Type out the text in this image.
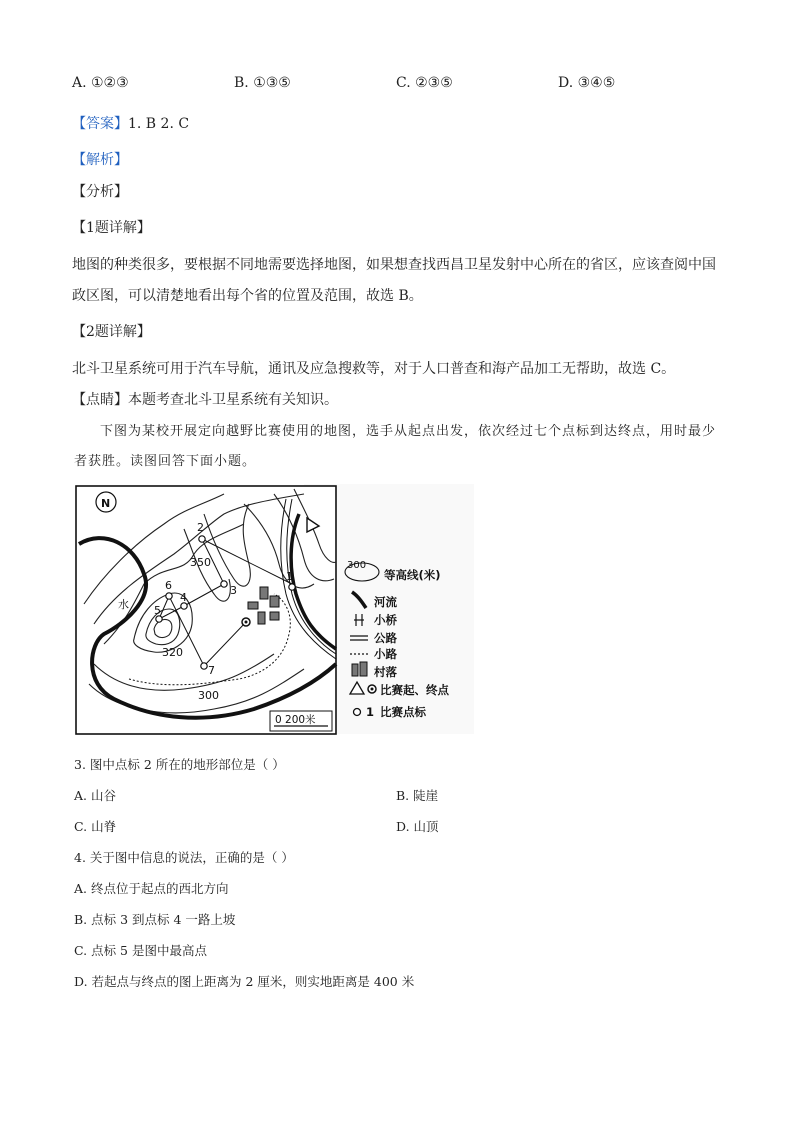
A. ①②③	B. ①③⑤	C. ②③⑤	D. ③④⑤
【答案】1. B 2. C
【解析】
【分析】
【1题详解】
地图的种类很多，要根据不同地需要选择地图，如果想查找西昌卫星发射中心所在的省区，应该查阅中国
政区图，可以清楚地看出每个省的位置及范围，故选 B。
【2题详解】
北斗卫星系统可用于汽车导航，通讯及应急搜救等，对于人口普查和海产品加工无帮助，故选 C。
【点睛】本题考查北斗卫星系统有关知识。
下图为某校开展定向越野比赛使用的地图，选手从起点出发，依次经过七个点标到达终点，用时最少
者获胜。读图回答下面小题。
N
1
2
3
4
5
6
7
350
320
300
水
0 200米
300
等高线(米)
河流
小桥
公路
小路
村落
比赛起、终点
1 比赛点标
3. 图中点标 2 所在的地形部位是（ ）
A. 山谷	B. 陡崖
C. 山脊	D. 山顶
4. 关于图中信息的说法，正确的是（ ）
A. 终点位于起点的西北方向
B. 点标 3 到点标 4 一路上坡
C. 点标 5 是图中最高点
D. 若起点与终点的图上距离为 2 厘米，则实地距离是 400 米
